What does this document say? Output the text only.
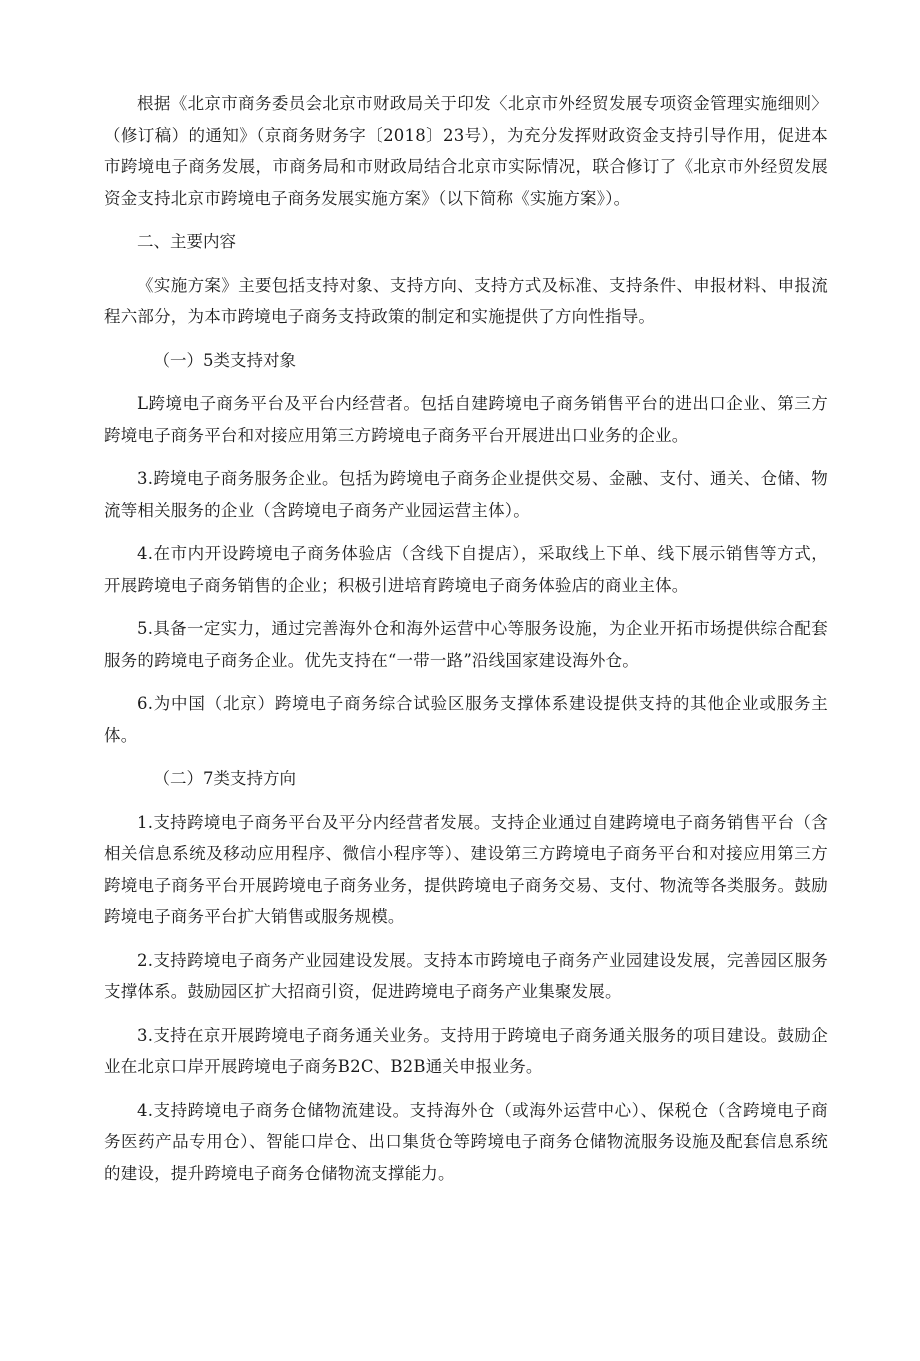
根据《北京市商务委员会北京市财政局关于印发〈北京市外经贸发展专项资金管理实施细则〉（修订稿）的通知》（京商务财务字〔2018〕23号），为充分发挥财政资金支持引导作用，促进本市跨境电子商务发展，市商务局和市财政局结合北京市实际情况，联合修订了《北京市外经贸发展资金支持北京市跨境电子商务发展实施方案》（以下简称《实施方案》）。

二、主要内容

《实施方案》主要包括支持对象、支持方向、支持方式及标准、支持条件、申报材料、申报流程六部分，为本市跨境电子商务支持政策的制定和实施提供了方向性指导。

（一）5类支持对象

L跨境电子商务平台及平台内经营者。包括自建跨境电子商务销售平台的进出口企业、第三方跨境电子商务平台和对接应用第三方跨境电子商务平台开展进出口业务的企业。

3.跨境电子商务服务企业。包括为跨境电子商务企业提供交易、金融、支付、通关、仓储、物流等相关服务的企业（含跨境电子商务产业园运营主体）。

4.在市内开设跨境电子商务体验店（含线下自提店），采取线上下单、线下展示销售等方式，开展跨境电子商务销售的企业；积极引进培育跨境电子商务体验店的商业主体。

5.具备一定实力，通过完善海外仓和海外运营中心等服务设施，为企业开拓市场提供综合配套服务的跨境电子商务企业。优先支持在“一带一路”沿线国家建设海外仓。

6.为中国（北京）跨境电子商务综合试验区服务支撑体系建设提供支持的其他企业或服务主体。

（二）7类支持方向

1.支持跨境电子商务平台及平分内经营者发展。支持企业通过自建跨境电子商务销售平台（含相关信息系统及移动应用程序、微信小程序等）、建设第三方跨境电子商务平台和对接应用第三方跨境电子商务平台开展跨境电子商务业务，提供跨境电子商务交易、支付、物流等各类服务。鼓励跨境电子商务平台扩大销售或服务规模。

2.支持跨境电子商务产业园建设发展。支持本市跨境电子商务产业园建设发展，完善园区服务支撑体系。鼓励园区扩大招商引资，促进跨境电子商务产业集聚发展。

3.支持在京开展跨境电子商务通关业务。支持用于跨境电子商务通关服务的项目建设。鼓励企业在北京口岸开展跨境电子商务B2C、B2B通关申报业务。

4.支持跨境电子商务仓储物流建设。支持海外仓（或海外运营中心）、保税仓（含跨境电子商务医药产品专用仓）、智能口岸仓、出口集货仓等跨境电子商务仓储物流服务设施及配套信息系统的建设，提升跨境电子商务仓储物流支撑能力。
